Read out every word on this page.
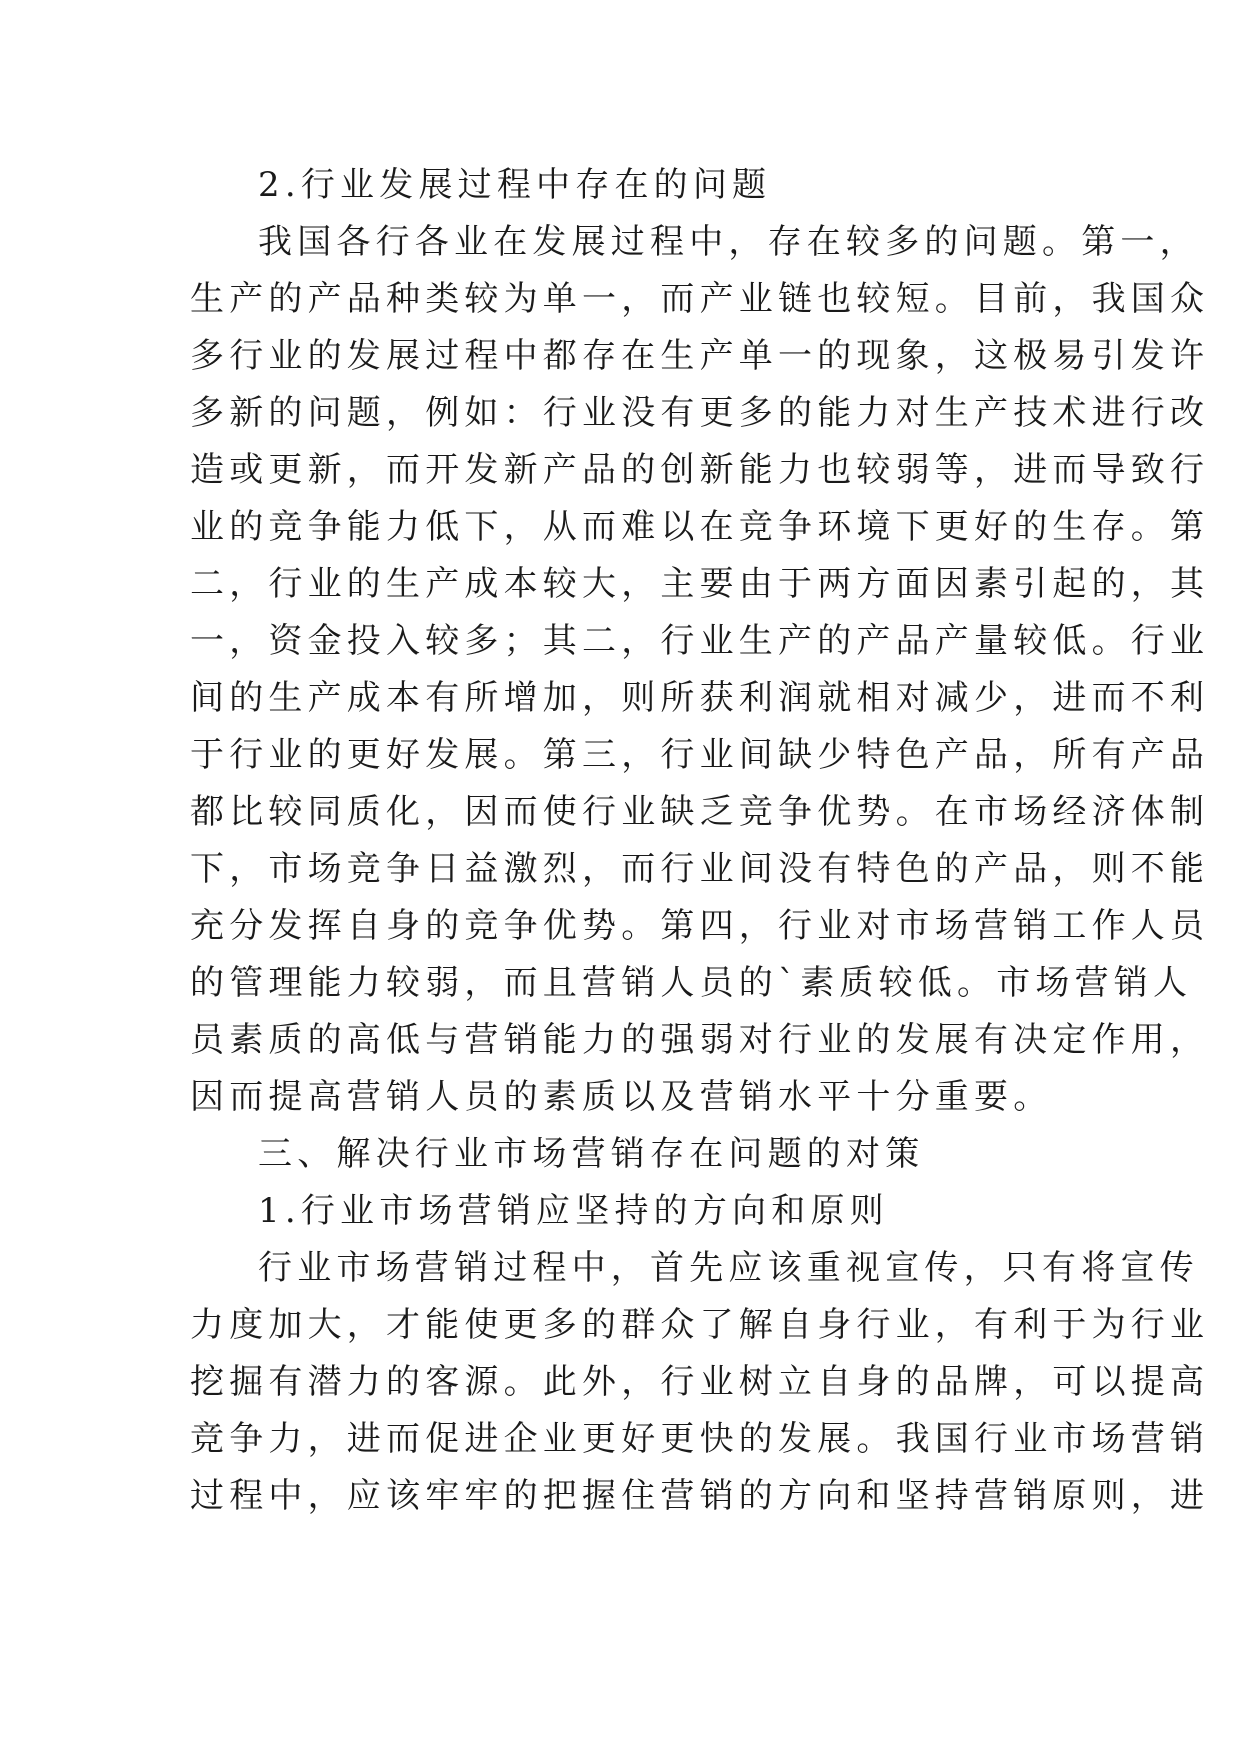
2.行业发展过程中存在的问题
我国各行各业在发展过程中，存在较多的问题。第一，
生产的产品种类较为单一，而产业链也较短。目前，我国众
多行业的发展过程中都存在生产单一的现象，这极易引发许
多新的问题，例如：行业没有更多的能力对生产技术进行改
造或更新，而开发新产品的创新能力也较弱等，进而导致行
业的竞争能力低下，从而难以在竞争环境下更好的生存。第
二，行业的生产成本较大，主要由于两方面因素引起的，其
一，资金投入较多；其二，行业生产的产品产量较低。行业
间的生产成本有所增加，则所获利润就相对减少，进而不利
于行业的更好发展。第三，行业间缺少特色产品，所有产品
都比较同质化，因而使行业缺乏竞争优势。在市场经济体制
下，市场竞争日益激烈，而行业间没有特色的产品，则不能
充分发挥自身的竞争优势。第四，行业对市场营销工作人员
的管理能力较弱，而且营销人员的`素质较低。市场营销人
员素质的高低与营销能力的强弱对行业的发展有决定作用，
因而提高营销人员的素质以及营销水平十分重要。
三、解决行业市场营销存在问题的对策
1.行业市场营销应坚持的方向和原则
行业市场营销过程中，首先应该重视宣传，只有将宣传
力度加大，才能使更多的群众了解自身行业，有利于为行业
挖掘有潜力的客源。此外，行业树立自身的品牌，可以提高
竞争力，进而促进企业更好更快的发展。我国行业市场营销
过程中，应该牢牢的把握住营销的方向和坚持营销原则，进
